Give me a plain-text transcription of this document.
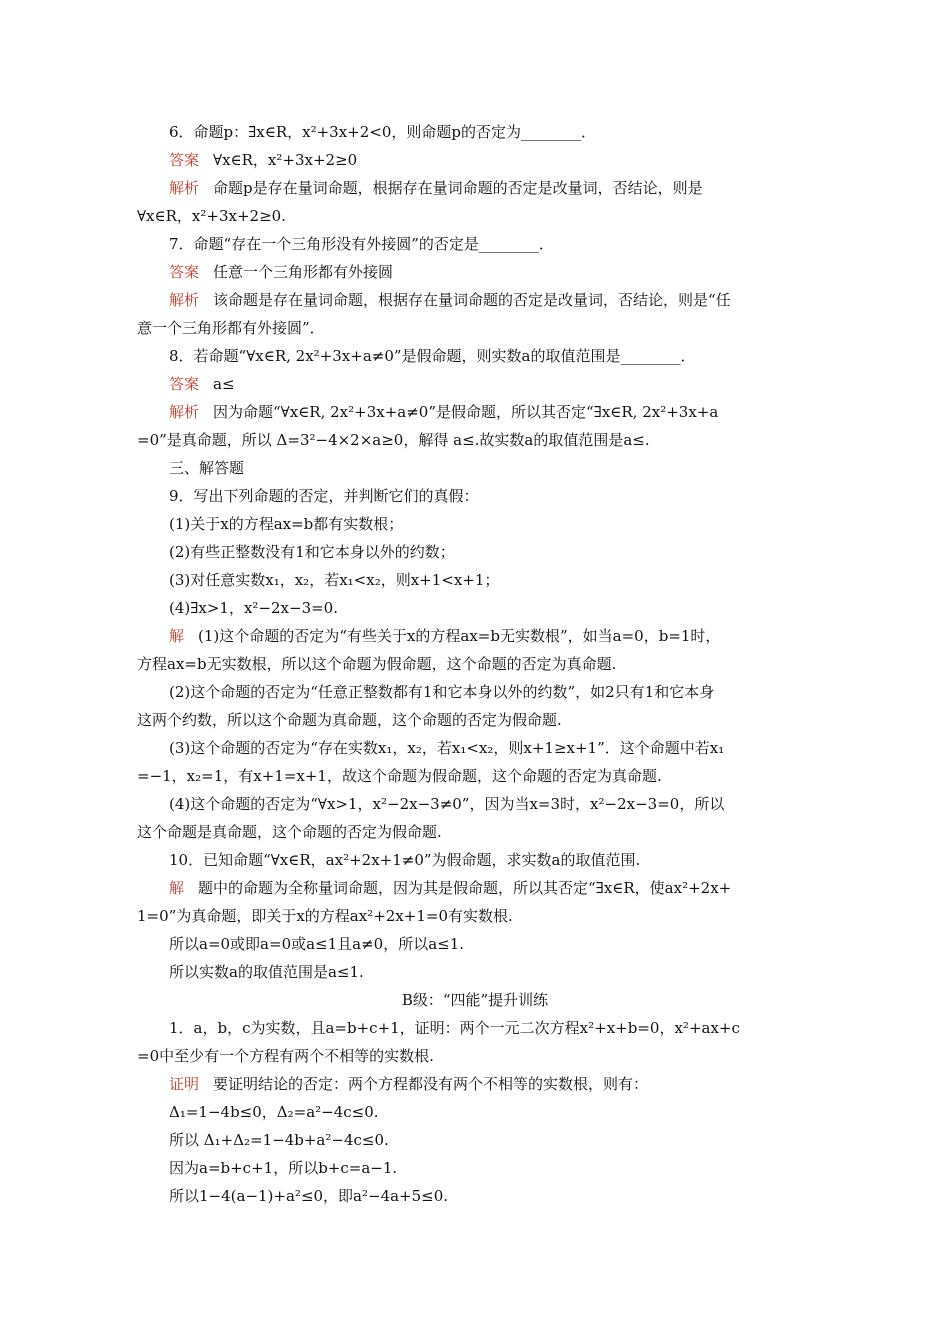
6．命题p：∃x∈R，x²+3x+2<0，则命题p的否定为________．
答案 ∀x∈R，x²+3x+2≥0
解析 命题p是存在量词命题，根据存在量词命题的否定是改量词，否结论，则是
∀x∈R，x²+3x+2≥0.
7．命题“存在一个三角形没有外接圆”的否定是________．
答案 任意一个三角形都有外接圆
解析 该命题是存在量词命题，根据存在量词命题的否定是改量词，否结论，则是“任
意一个三角形都有外接圆”．
8．若命题“∀x∈R, 2x²+3x+a≠0”是假命题，则实数a的取值范围是________．
答案 a≤
解析 因为命题“∀x∈R, 2x²+3x+a≠0”是假命题，所以其否定“∃x∈R, 2x²+3x+a
=0”是真命题，所以 Δ=3²−4×2×a≥0，解得 a≤.故实数a的取值范围是a≤.
三、解答题
9．写出下列命题的否定，并判断它们的真假：
(1)关于x的方程ax=b都有实数根；
(2)有些正整数没有1和它本身以外的约数；
(3)对任意实数x₁，x₂，若x₁<x₂，则x+1<x+1；
(4)∃x>1，x²−2x−3=0.
解 (1)这个命题的否定为“有些关于x的方程ax=b无实数根”，如当a=0，b=1时，
方程ax=b无实数根，所以这个命题为假命题，这个命题的否定为真命题.
(2)这个命题的否定为“任意正整数都有1和它本身以外的约数”，如2只有1和它本身
这两个约数，所以这个命题为真命题，这个命题的否定为假命题.
(3)这个命题的否定为“存在实数x₁，x₂，若x₁<x₂，则x+1≥x+1”．这个命题中若x₁
=−1，x₂=1，有x+1=x+1，故这个命题为假命题，这个命题的否定为真命题.
(4)这个命题的否定为“∀x>1，x²−2x−3≠0”，因为当x=3时，x²−2x−3=0，所以
这个命题是真命题，这个命题的否定为假命题.
10．已知命题“∀x∈R，ax²+2x+1≠0”为假命题，求实数a的取值范围.
解 题中的命题为全称量词命题，因为其是假命题，所以其否定“∃x∈R，使ax²+2x+
1=0”为真命题，即关于x的方程ax²+2x+1=0有实数根.
所以a=0或即a=0或a≤1且a≠0，所以a≤1.
所以实数a的取值范围是a≤1.
B级：“四能”提升训练
1．a，b，c为实数，且a=b+c+1，证明：两个一元二次方程x²+x+b=0，x²+ax+c
=0中至少有一个方程有两个不相等的实数根.
证明 要证明结论的否定：两个方程都没有两个不相等的实数根，则有：
Δ₁=1−4b≤0，Δ₂=a²−4c≤0.
所以 Δ₁+Δ₂=1−4b+a²−4c≤0.
因为a=b+c+1，所以b+c=a−1.
所以1−4(a−1)+a²≤0，即a²−4a+5≤0.
